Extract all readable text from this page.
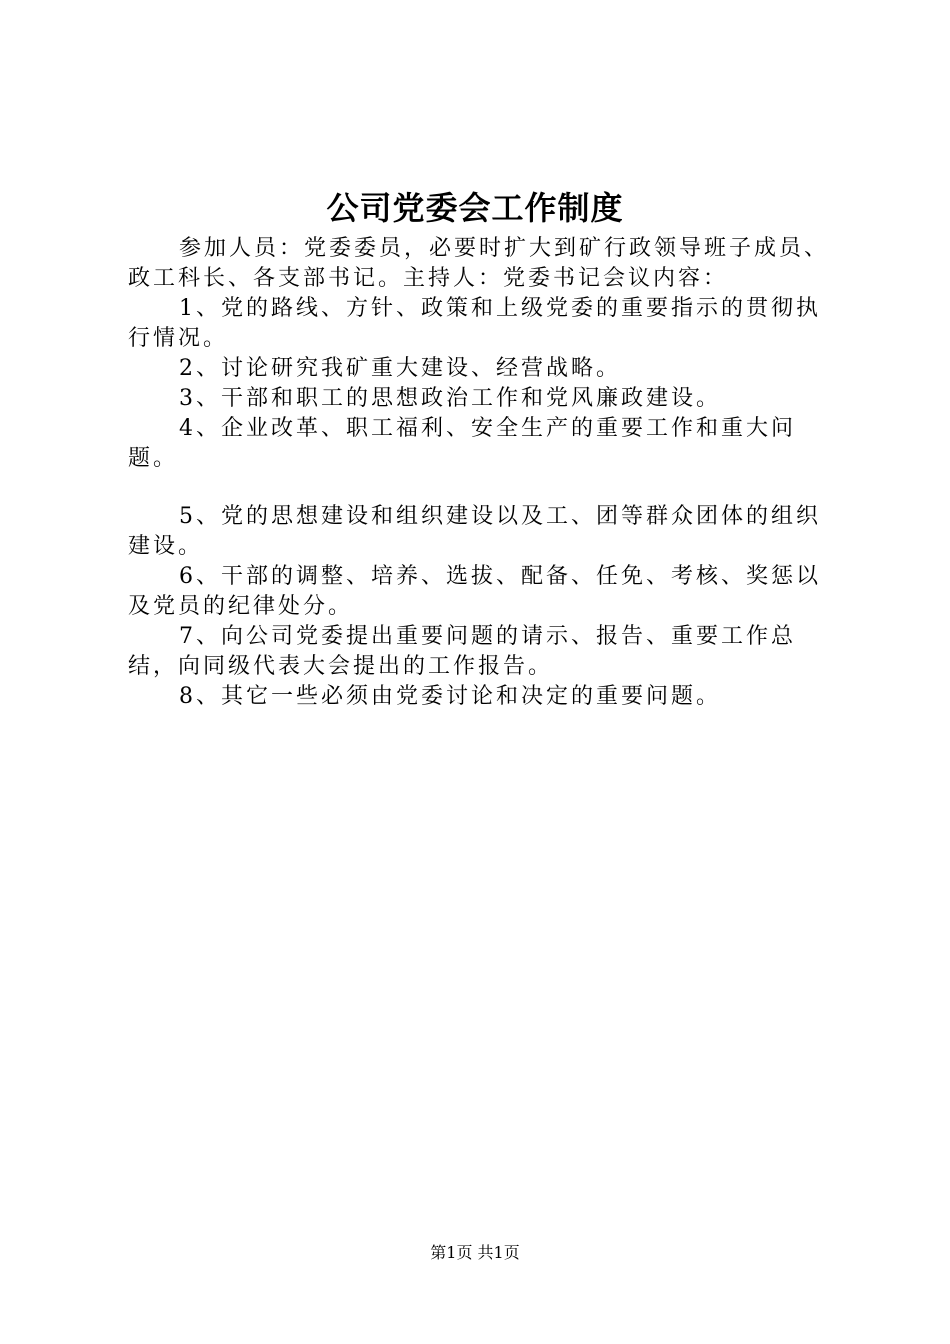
公司党委会工作制度

参加人员：党委委员，必要时扩大到矿行政领导班子成员、政工科长、各支部书记。主持人：党委书记会议内容：

1、党的路线、方针、政策和上级党委的重要指示的贯彻执行情况。

2、讨论研究我矿重大建设、经营战略。

3、干部和职工的思想政治工作和党风廉政建设。

4、企业改革、职工福利、安全生产的重要工作和重大问题。

5、党的思想建设和组织建设以及工、团等群众团体的组织建设。

6、干部的调整、培养、选拔、配备、任免、考核、奖惩以及党员的纪律处分。

7、向公司党委提出重要问题的请示、报告、重要工作总结，向同级代表大会提出的工作报告。

8、其它一些必须由党委讨论和决定的重要问题。

第1页 共1页
